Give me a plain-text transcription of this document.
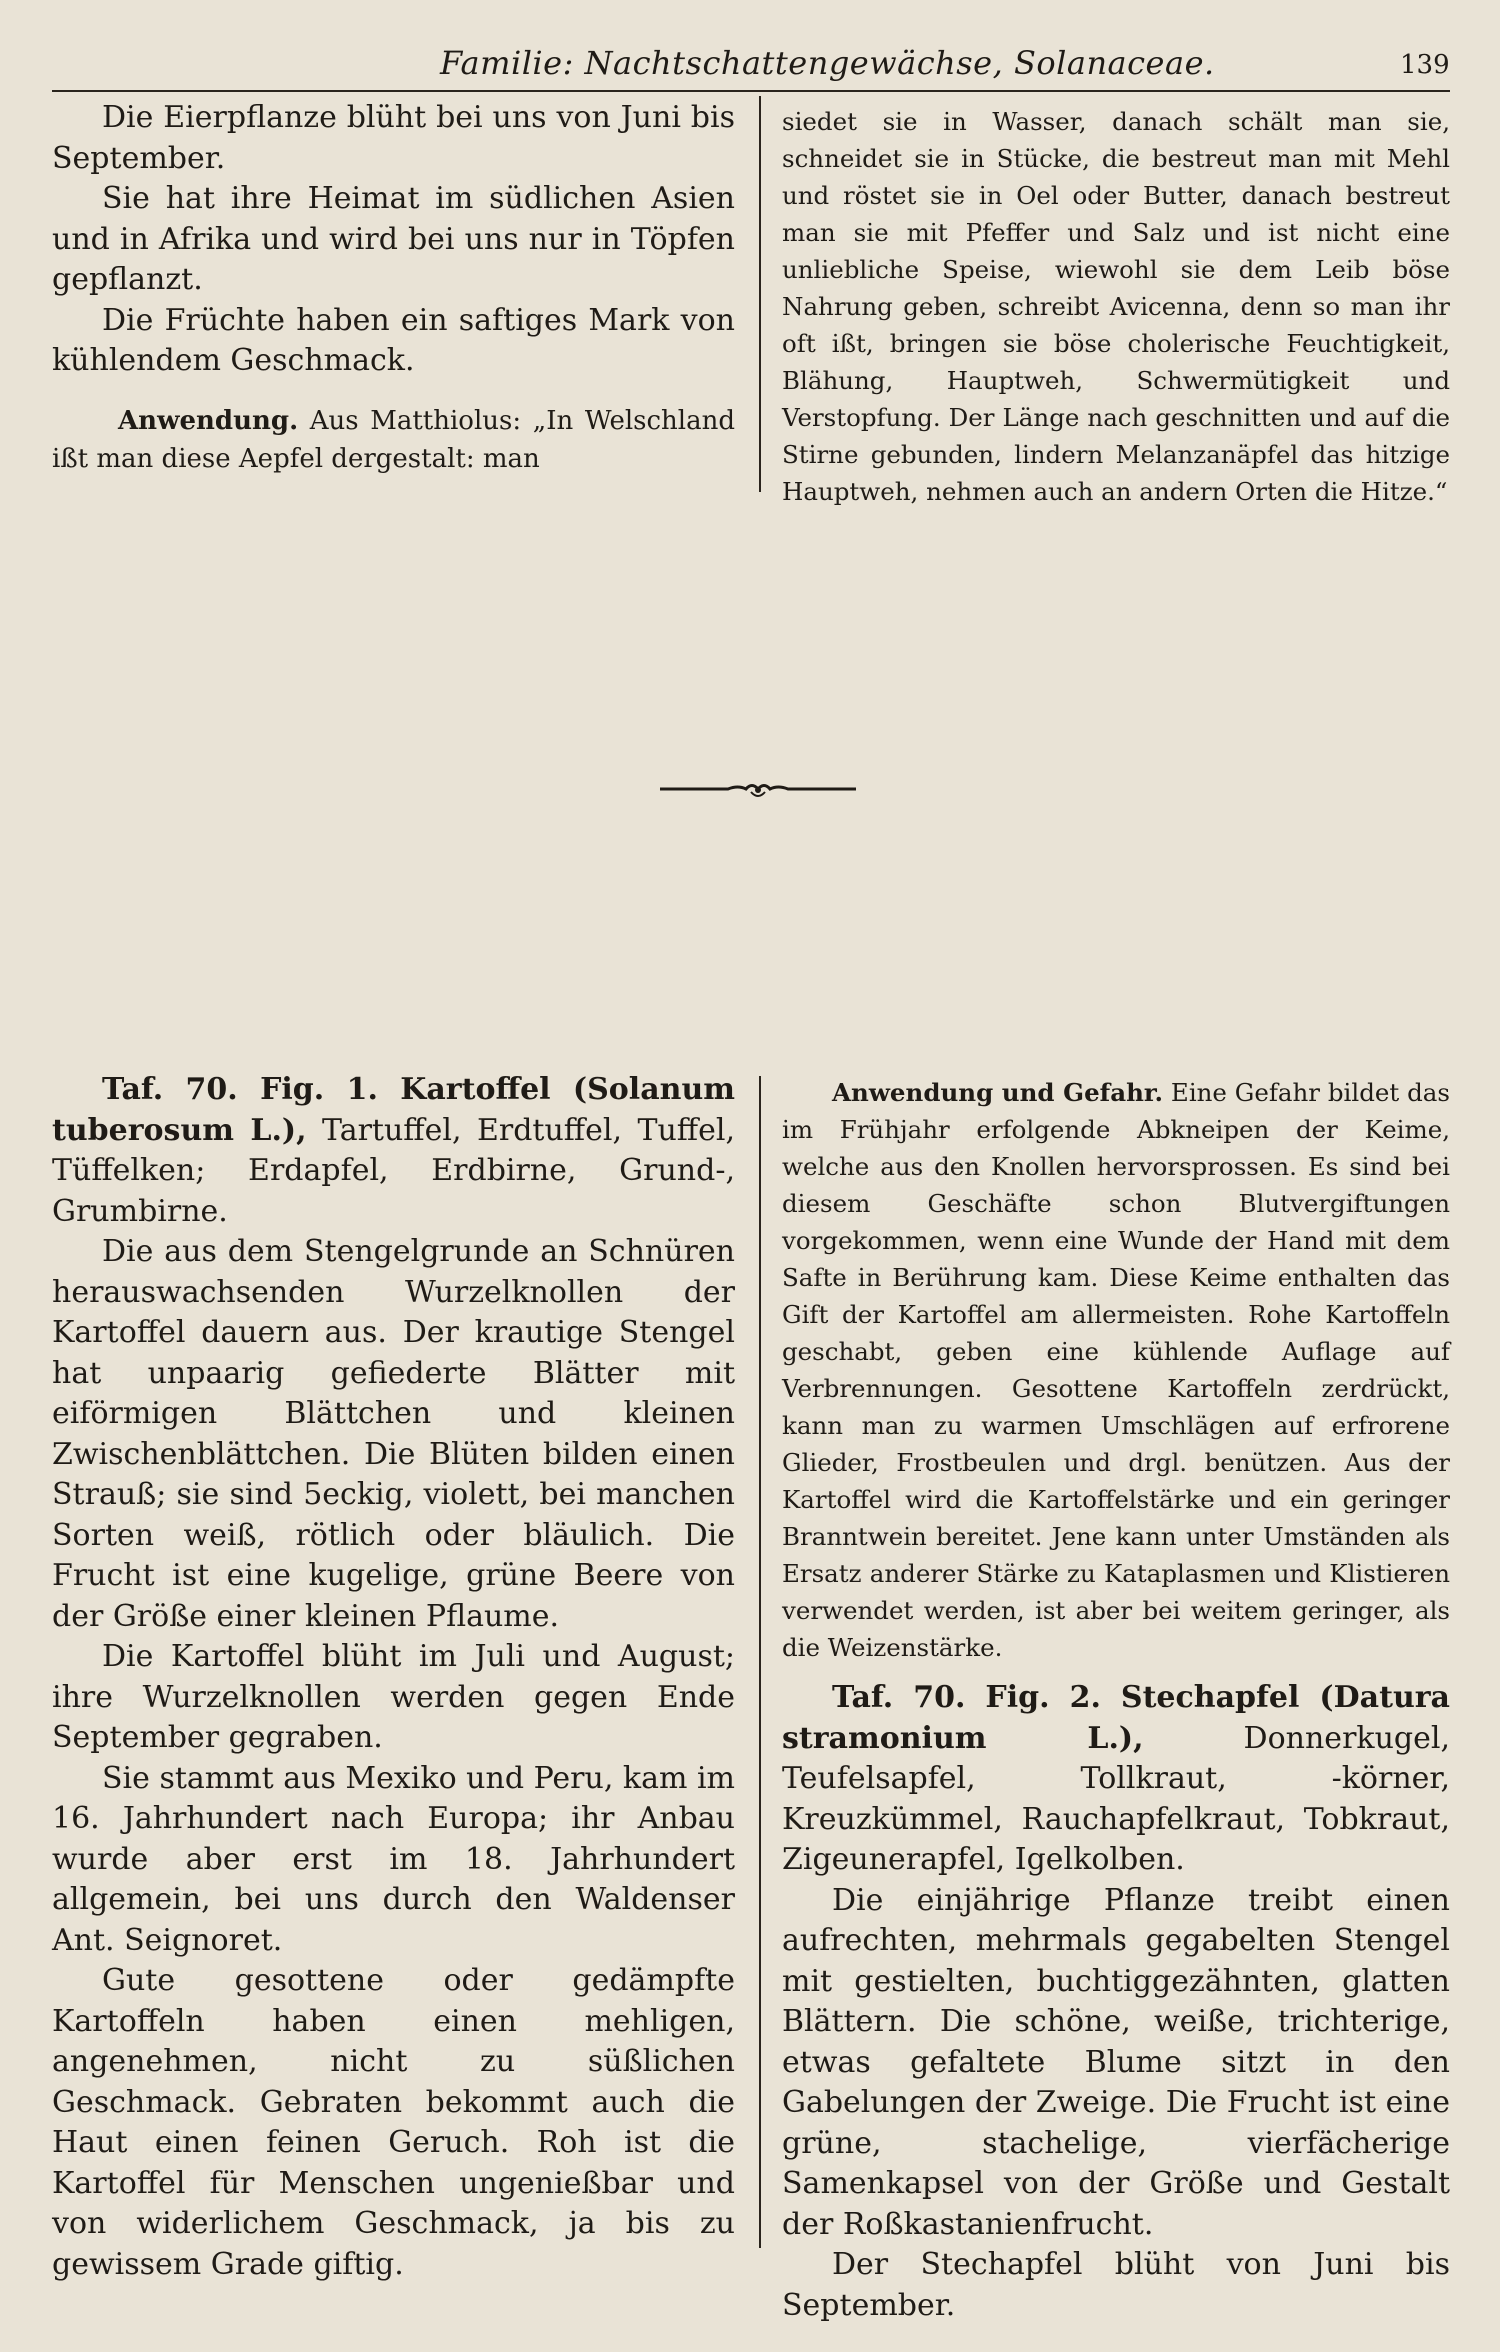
Familie: Nachtschattengewächse, Solanaceae.	139

Die Eierpflanze blüht bei uns von Juni bis September.

Sie hat ihre Heimat im südlichen Asien und in Afrika und wird bei uns nur in Töpfen gepflanzt.

Die Früchte haben ein saftiges Mark von kühlendem Geschmack.

Anwendung. Aus Matthiolus: „In Welschland ißt man diese Aepfel dergestalt: man

siedet sie in Wasser, danach schält man sie, schneidet sie in Stücke, die bestreut man mit Mehl und röstet sie in Oel oder Butter, danach bestreut man sie mit Pfeffer und Salz und ist nicht eine unliebliche Speise, wiewohl sie dem Leib böse Nahrung geben, schreibt Avicenna, denn so man ihr oft ißt, bringen sie böse cholerische Feuchtigkeit, Blähung, Hauptweh, Schwermütigkeit und Verstopfung. Der Länge nach geschnitten und auf die Stirne gebunden, lindern Melanzanäpfel das hitzige Hauptweh, nehmen auch an andern Orten die Hitze.“

Taf. 70. Fig. 1. Kartoffel (Solanum tuberosum L.), Tartuffel, Erdtuffel, Tuffel, Tüffelken; Erdapfel, Erdbirne, Grund-, Grumbirne.

Die aus dem Stengelgrunde an Schnüren herauswachsenden Wurzelknollen der Kartoffel dauern aus. Der krautige Stengel hat unpaarig gefiederte Blätter mit eiförmigen Blättchen und kleinen Zwischenblättchen. Die Blüten bilden einen Strauß; sie sind 5eckig, violett, bei manchen Sorten weiß, rötlich oder bläulich. Die Frucht ist eine kugelige, grüne Beere von der Größe einer kleinen Pflaume.

Die Kartoffel blüht im Juli und August; ihre Wurzelknollen werden gegen Ende September gegraben.

Sie stammt aus Mexiko und Peru, kam im 16. Jahrhundert nach Europa; ihr Anbau wurde aber erst im 18. Jahrhundert allgemein, bei uns durch den Waldenser Ant. Seignoret.

Gute gesottene oder gedämpfte Kartoffeln haben einen mehligen, angenehmen, nicht zu süßlichen Geschmack. Gebraten bekommt auch die Haut einen feinen Geruch. Roh ist die Kartoffel für Menschen ungenießbar und von widerlichem Geschmack, ja bis zu gewissem Grade giftig.

Anwendung und Gefahr. Eine Gefahr bildet das im Frühjahr erfolgende Abkneipen der Keime, welche aus den Knollen hervorsprossen. Es sind bei diesem Geschäfte schon Blutvergiftungen vorgekommen, wenn eine Wunde der Hand mit dem Safte in Berührung kam. Diese Keime enthalten das Gift der Kartoffel am allermeisten. Rohe Kartoffeln geschabt, geben eine kühlende Auflage auf Verbrennungen. Gesottene Kartoffeln zerdrückt, kann man zu warmen Umschlägen auf erfrorene Glieder, Frostbeulen und drgl. benützen. Aus der Kartoffel wird die Kartoffelstärke und ein geringer Branntwein bereitet. Jene kann unter Umständen als Ersatz anderer Stärke zu Kataplasmen und Klistieren verwendet werden, ist aber bei weitem geringer, als die Weizenstärke.

Taf. 70. Fig. 2. Stechapfel (Datura stramonium L.), Donnerkugel, Teufelsapfel, Tollkraut, -körner, Kreuzkümmel, Rauchapfelkraut, Tobkraut, Zigeunerapfel, Igelkolben.

Die einjährige Pflanze treibt einen aufrechten, mehrmals gegabelten Stengel mit gestielten, buchtiggezähnten, glatten Blättern. Die schöne, weiße, trichterige, etwas gefaltete Blume sitzt in den Gabelungen der Zweige. Die Frucht ist eine grüne, stachelige, vierfächerige Samenkapsel von der Größe und Gestalt der Roßkastanienfrucht.

Der Stechapfel blüht von Juni bis September.
